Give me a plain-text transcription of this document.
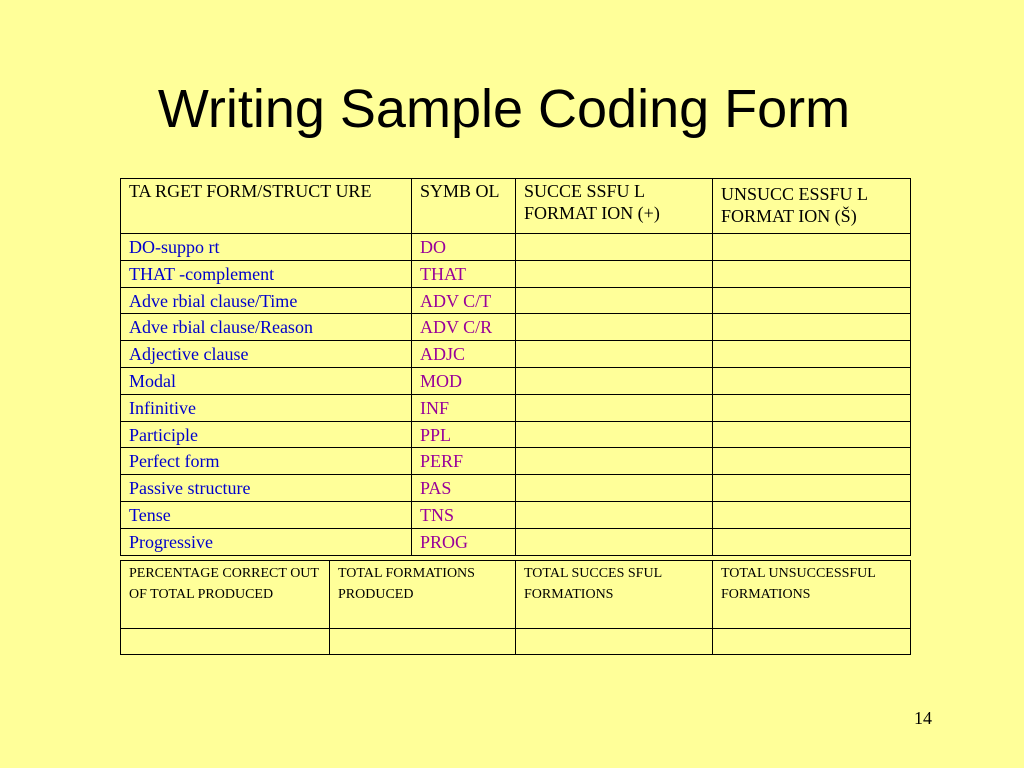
Writing Sample Coding Form
TA RGET FORM/STRUCT URE	SYMB OL	SUCCE SSFU L FORMAT ION (+)	UNSUCC ESSFU L FORMAT ION (Š)
DO-suppo rt	DO		
THAT -complement	THAT		
Adve rbial clause/Time	ADV C/T		
Adve rbial clause/Reason	ADV C/R		
Adjective clause	ADJC		
Modal	MOD		
Infinitive	INF		
Participle	PPL		
Perfect form	PERF		
Passive structure	PAS		
Tense	TNS		
Progressive	PROG		
PERCENTAGE CORRECT OUT OF TOTAL PRODUCED	TOTAL FORMATIONS PRODUCED	TOTAL SUCCES SFUL FORMATIONS	TOTAL UNSUCCESSFUL FORMATIONS

14
